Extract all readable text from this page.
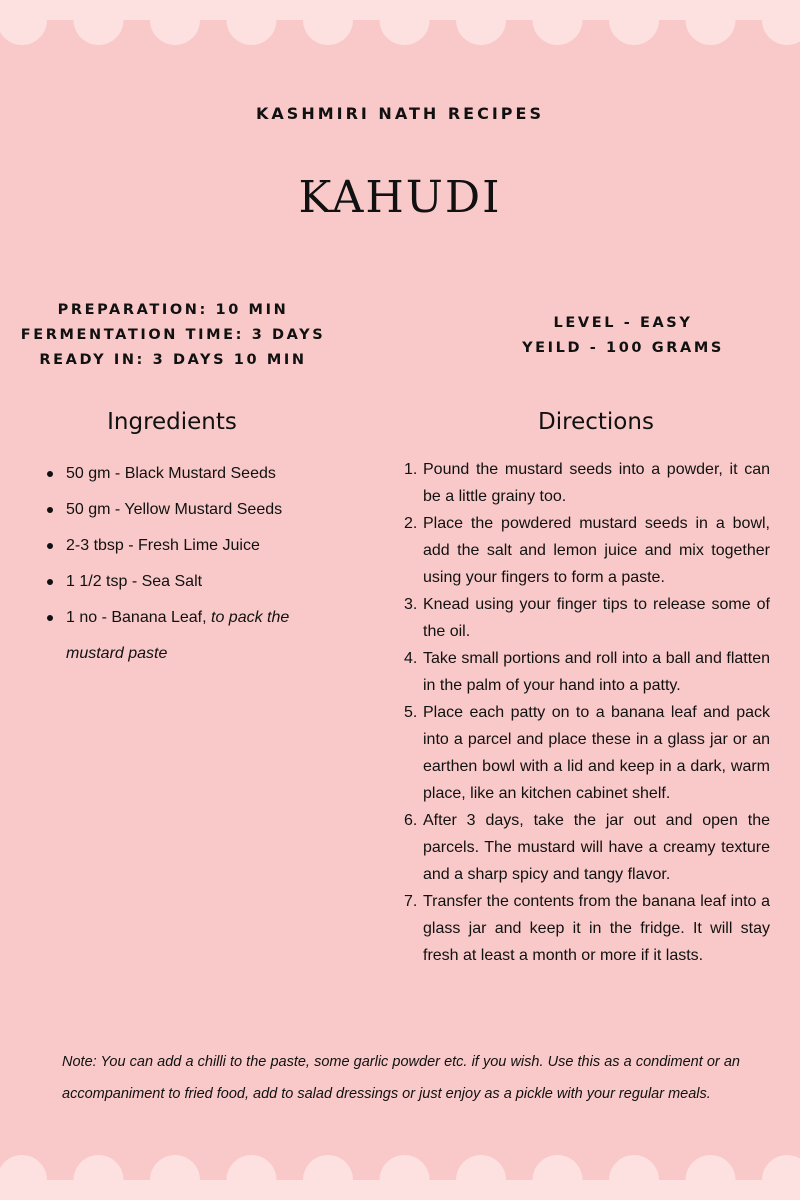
KASHMIRI NATH RECIPES
KAHUDI
PREPARATION: 10 MIN
FERMENTATION TIME: 3 DAYS
READY IN: 3 DAYS 10 MIN
LEVEL - EASY
YEILD - 100 GRAMS
Ingredients
50 gm - Black Mustard Seeds
50 gm - Yellow Mustard Seeds
2-3 tbsp - Fresh Lime Juice
1 1/2 tsp - Sea Salt
1 no - Banana Leaf, to pack the mustard paste
Directions
1. Pound the mustard seeds into a powder, it can be a little grainy too.
2. Place the powdered mustard seeds in a bowl, add the salt and lemon juice and mix together using your fingers to form a paste.
3. Knead using your finger tips to release some of the oil.
4. Take small portions and roll into a ball and flatten in the palm of your hand into a patty.
5. Place each patty on to a banana leaf and pack into a parcel and place these in a glass jar or an earthen bowl with a lid and keep in a dark, warm place, like an kitchen cabinet shelf.
6. After 3 days, take the jar out and open the parcels. The mustard will have a creamy texture and a sharp spicy and tangy flavor.
7. Transfer the contents from the banana leaf into a glass jar and keep it in the fridge. It will stay fresh at least a month or more if it lasts.
Note: You can add a chilli to the paste, some garlic powder etc. if you wish. Use this as a condiment or an accompaniment to fried food, add to salad dressings or just enjoy as a pickle with your regular meals.
